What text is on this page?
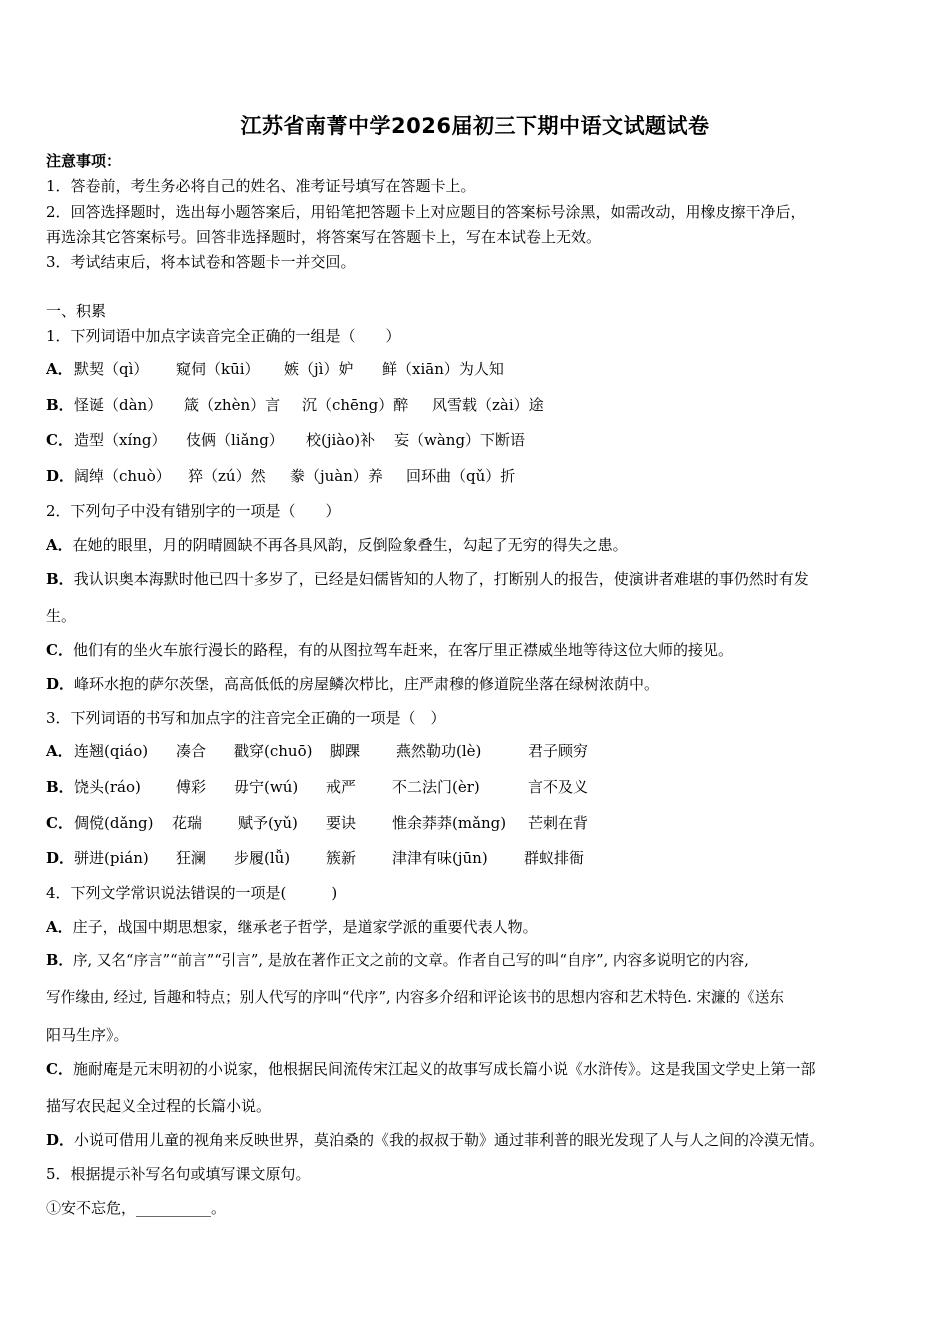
江苏省南菁中学2026届初三下期中语文试题试卷
注意事项：
1．答卷前，考生务必将自己的姓名、准考证号填写在答题卡上。
2．回答选择题时，选出每小题答案后，用铅笔把答题卡上对应题目的答案标号涂黑，如需改动，用橡皮擦干净后，
再选涂其它答案标号。回答非选择题时，将答案写在答题卡上，写在本试卷上无效。
3．考试结束后，将本试卷和答题卡一并交回。
一、积累
1．下列词语中加点字读音完全正确的一组是（　　）
A． 默契（qì） 窥伺（kūi） 嫉（jì）妒 鲜（xiān）为人知
B． 怪诞（dàn） 箴（zhèn）言 沉（chēng）醉 风雪载（zài）途
C． 造型（xíng） 伎俩（liǎng） 校(jiào)补 妄（wàng）下断语
D． 阔绰（chuò） 猝（zú）然 豢（juàn）养 回环曲（qǔ）折
2．下列句子中没有错别字的一项是（　　）
A．在她的眼里，月的阴晴圆缺不再各具风韵，反倒险象叠生，勾起了无穷的得失之患。
B．我认识奥本海默时他已四十多岁了，已经是妇儒皆知的人物了，打断别人的报告，使演讲者难堪的事仍然时有发
生。
C．他们有的坐火车旅行漫长的路程，有的从图拉驾车赶来，在客厅里正襟威坐地等待这位大师的接见。
D．峰环水抱的萨尔茨堡，高高低低的房屋鳞次栉比，庄严肃穆的修道院坐落在绿树浓荫中。
3．下列词语的书写和加点字的注音完全正确的一项是（　）
A． 连翘(qiáo) 凑合 戳穿(chuō) 脚踝 燕然勒功(lè)	君子顾穷
B． 饶头(ráo) 傅彩 毋宁(wú) 戒严 不二法门(èr)	言不及义
C． 倜傥(dǎng) 花瑞 赋予(yǔ) 要诀 惟余莽莽(mǎng) 芒刺在背
D． 骈进(pián) 狂澜 步履(lǚ) 簇新 津津有味(jūn) 群蚁排衙
4．下列文学常识说法错误的一项是(　　　)
A．庄子，战国中期思想家，继承老子哲学，是道家学派的重要代表人物。
B．序, 又名“序言”“前言”“引言”, 是放在著作正文之前的文章。作者自己写的叫“自序”, 内容多说明它的内容,
写作缘由, 经过, 旨趣和特点；别人代写的序叫“代序”, 内容多介绍和评论该书的思想内容和艺术特色. 宋濂的《送东
阳马生序》。
C．施耐庵是元末明初的小说家，他根据民间流传宋江起义的故事写成长篇小说《水浒传》。这是我国文学史上第一部
描写农民起义全过程的长篇小说。
D．小说可借用儿童的视角来反映世界，莫泊桑的《我的叔叔于勒》通过菲利普的眼光发现了人与人之间的冷漠无情。
5．根据提示补写名句或填写课文原句。
①安不忘危，__________。
